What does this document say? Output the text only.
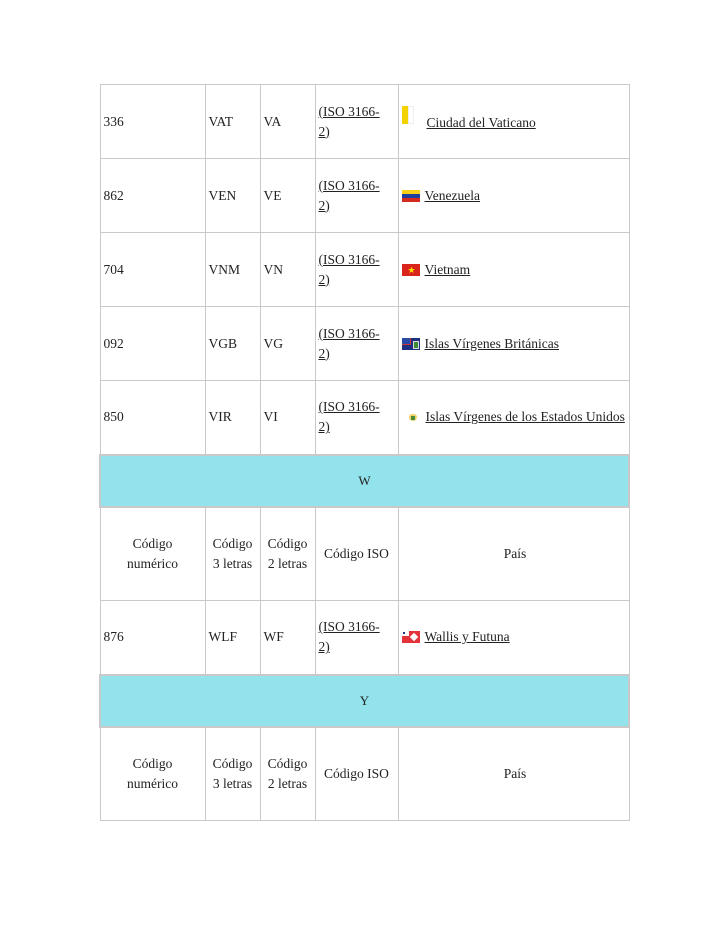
336	VAT	VA	(ISO 3166-2)	Ciudad del Vaticano

862	VEN	VE	(ISO 3166-2)	Venezuela

704	VNM	VN	(ISO 3166-2)	★ Vietnam

092	VGB	VG	(ISO 3166-2)	Islas Vírgenes Británicas

850	VIR	VI	(ISO 3166-2)	Islas Vírgenes de los Estados Unidos

W				

Código numérico	Código 3 letras	Código 2 letras	Código ISO	País
876	WLF	WF	(ISO 3166-2)	Wallis y Futuna

Y				

Código numérico	Código 3 letras	Código 2 letras	Código ISO	País
